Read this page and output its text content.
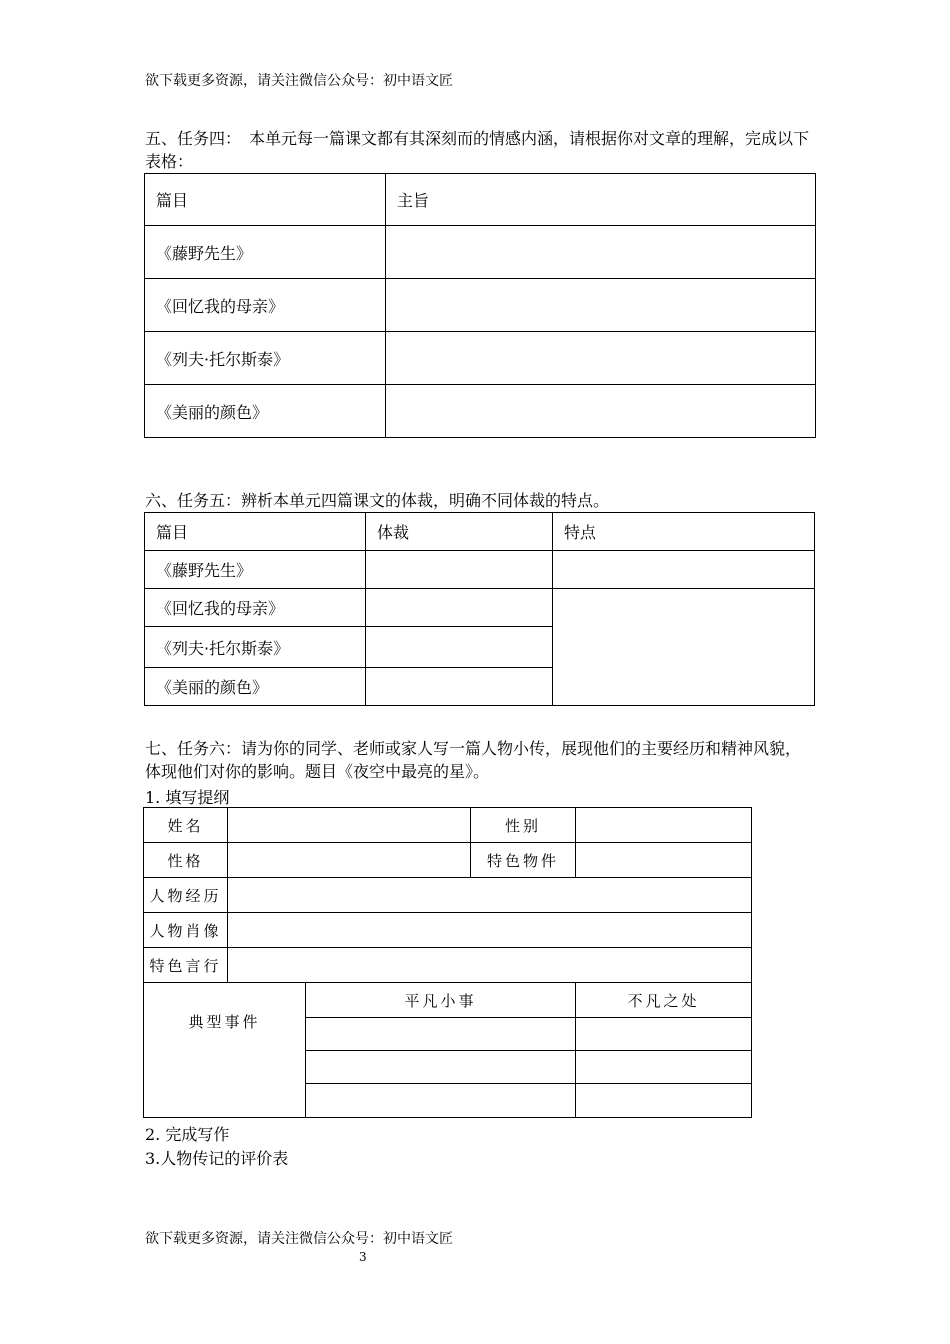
欲下载更多资源，请关注微信公众号：初中语文匠
五、任务四：　本单元每一篇课文都有其深刻而的情感内涵，请根据你对文章的理解，完成以下表格：
篇目	主旨
《藤野先生》	
《回忆我的母亲》	
《列夫·托尔斯泰》	
《美丽的颜色》	
六、任务五：辨析本单元四篇课文的体裁，明确不同体裁的特点。
篇目	体裁	特点
《藤野先生》		
《回忆我的母亲》		
《列夫·托尔斯泰》		
《美丽的颜色》		
七、任务六：请为你的同学、老师或家人写一篇人物小传，展现他们的主要经历和精神风貌，体现他们对你的影响。题目《夜空中最亮的星》。
1. 填写提纲
姓名			性别	
性格			特色物件	
人物经历				
人物肖像				
特色言行				
典型事件		平凡小事		不凡之处

2. 完成写作
3.人物传记的评价表
欲下载更多资源，请关注微信公众号：初中语文匠
3
